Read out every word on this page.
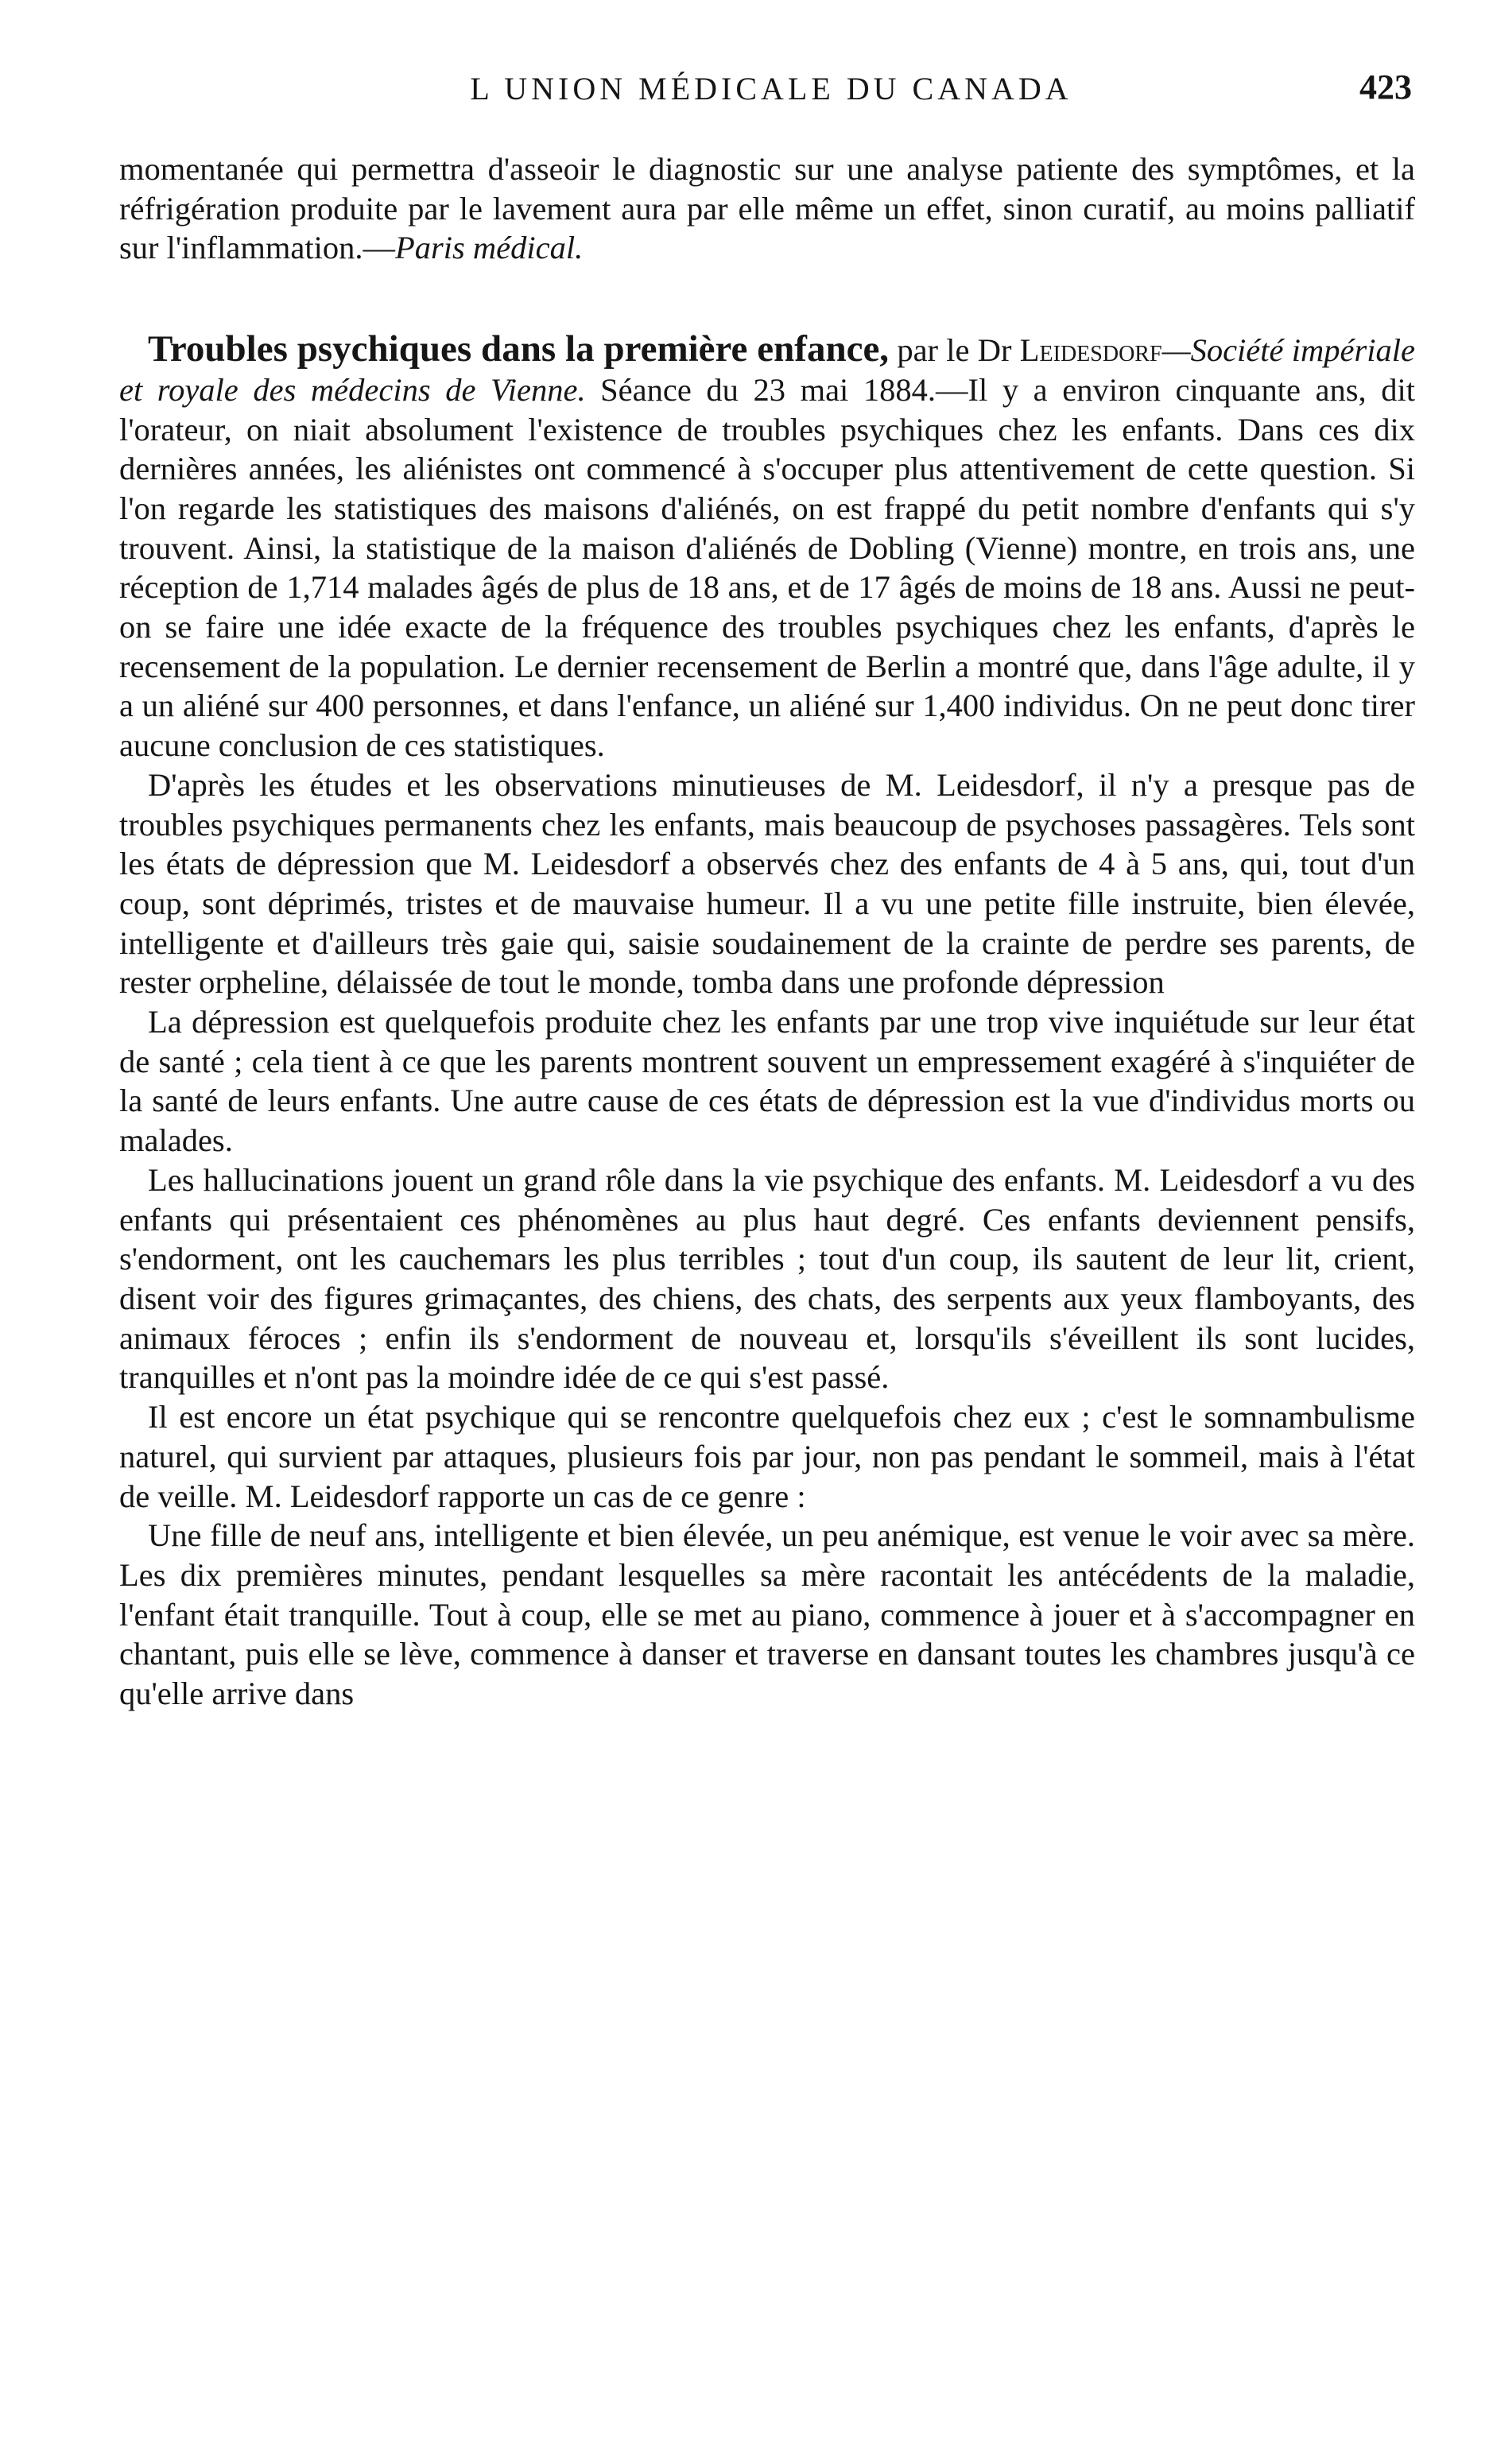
L UNION MÉDICALE DU CANADA	423

momentanée qui permettra d'asseoir le diagnostic sur une analyse patiente des symptômes, et la réfrigération produite par le lavement aura par elle même un effet, sinon curatif, au moins palliatif sur l'inflammation.—Paris médical.

Troubles psychiques dans la première enfance, par le Dr Leidesdorf—Société impériale et royale des médecins de Vienne. Séance du 23 mai 1884.—Il y a environ cinquante ans, dit l'orateur, on niait absolument l'existence de troubles psychiques chez les enfants. Dans ces dix dernières années, les aliénistes ont commencé à s'occuper plus attentivement de cette question. Si l'on regarde les statistiques des maisons d'aliénés, on est frappé du petit nombre d'enfants qui s'y trouvent. Ainsi, la statistique de la maison d'aliénés de Dobling (Vienne) montre, en trois ans, une réception de 1,714 malades âgés de plus de 18 ans, et de 17 âgés de moins de 18 ans. Aussi ne peut-on se faire une idée exacte de la fréquence des troubles psychiques chez les enfants, d'après le recensement de la population. Le dernier recensement de Berlin a montré que, dans l'âge adulte, il y a un aliéné sur 400 personnes, et dans l'enfance, un aliéné sur 1,400 individus. On ne peut donc tirer aucune conclusion de ces statistiques.

D'après les études et les observations minutieuses de M. Leidesdorf, il n'y a presque pas de troubles psychiques permanents chez les enfants, mais beaucoup de psychoses passagères. Tels sont les états de dépression que M. Leidesdorf a observés chez des enfants de 4 à 5 ans, qui, tout d'un coup, sont déprimés, tristes et de mauvaise humeur. Il a vu une petite fille instruite, bien élevée, intelligente et d'ailleurs très gaie qui, saisie soudainement de la crainte de perdre ses parents, de rester orpheline, délaissée de tout le monde, tomba dans une profonde dépression

La dépression est quelquefois produite chez les enfants par une trop vive inquiétude sur leur état de santé ; cela tient à ce que les parents montrent souvent un empressement exagéré à s'inquiéter de la santé de leurs enfants. Une autre cause de ces états de dépression est la vue d'individus morts ou malades.

Les hallucinations jouent un grand rôle dans la vie psychique des enfants. M. Leidesdorf a vu des enfants qui présentaient ces phénomènes au plus haut degré. Ces enfants deviennent pensifs, s'endorment, ont les cauchemars les plus terribles ; tout d'un coup, ils sautent de leur lit, crient, disent voir des figures grimaçantes, des chiens, des chats, des serpents aux yeux flamboyants, des animaux féroces ; enfin ils s'endorment de nouveau et, lorsqu'ils s'éveillent ils sont lucides, tranquilles et n'ont pas la moindre idée de ce qui s'est passé.

Il est encore un état psychique qui se rencontre quelquefois chez eux ; c'est le somnambulisme naturel, qui survient par attaques, plusieurs fois par jour, non pas pendant le sommeil, mais à l'état de veille. M. Leidesdorf rapporte un cas de ce genre :

Une fille de neuf ans, intelligente et bien élevée, un peu anémique, est venue le voir avec sa mère. Les dix premières minutes, pendant lesquelles sa mère racontait les antécédents de la maladie, l'enfant était tranquille. Tout à coup, elle se met au piano, commence à jouer et à s'accompagner en chantant, puis elle se lève, commence à danser et traverse en dansant toutes les chambres jusqu'à ce qu'elle arrive dans
